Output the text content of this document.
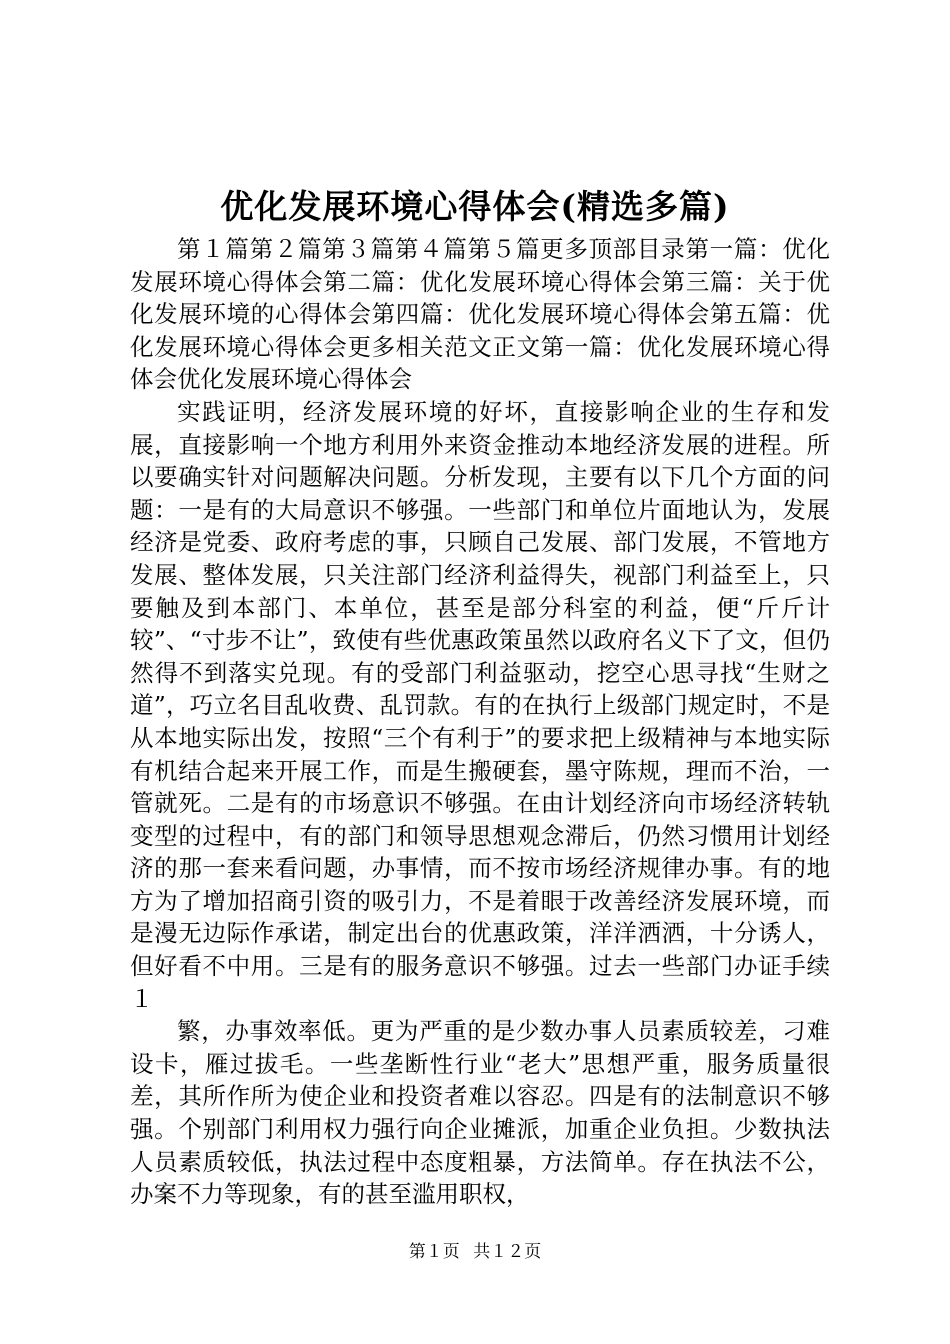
优化发展环境心得体会(精选多篇)

第１篇第２篇第３篇第４篇第５篇更多顶部目录第一篇：优化发展环境心得体会第二篇：优化发展环境心得体会第三篇：关于优化发展环境的心得体会第四篇：优化发展环境心得体会第五篇：优化发展环境心得体会更多相关范文正文第一篇：优化发展环境心得体会优化发展环境心得体会

实践证明，经济发展环境的好坏，直接影响企业的生存和发展，直接影响一个地方利用外来资金推动本地经济发展的进程。所以要确实针对问题解决问题。分析发现，主要有以下几个方面的问题：一是有的大局意识不够强。一些部门和单位片面地认为，发展经济是党委、政府考虑的事，只顾自己发展、部门发展，不管地方发展、整体发展，只关注部门经济利益得失，视部门利益至上，只要触及到本部门、本单位，甚至是部分科室的利益，便“斤斤计较”、“寸步不让”，致使有些优惠政策虽然以政府名义下了文，但仍然得不到落实兑现。有的受部门利益驱动，挖空心思寻找“生财之道”，巧立名目乱收费、乱罚款。有的在执行上级部门规定时，不是从本地实际出发，按照“三个有利于”的要求把上级精神与本地实际有机结合起来开展工作，而是生搬硬套，墨守陈规，理而不治，一管就死。二是有的市场意识不够强。在由计划经济向市场经济转轨变型的过程中，有的部门和领导思想观念滞后，仍然习惯用计划经济的那一套来看问题，办事情，而不按市场经济规律办事。有的地方为了增加招商引资的吸引力，不是着眼于改善经济发展环境，而是漫无边际作承诺，制定出台的优惠政策，洋洋洒洒，十分诱人，但好看不中用。三是有的服务意识不够强。过去一些部门办证手续１

繁，办事效率低。更为严重的是少数办事人员素质较差，刁难设卡，雁过拔毛。一些垄断性行业“老大”思想严重，服务质量很差，其所作所为使企业和投资者难以容忍。四是有的法制意识不够强。个别部门利用权力强行向企业摊派，加重企业负担。少数执法人员素质较低，执法过程中态度粗暴，方法简单。存在执法不公，办案不力等现象，有的甚至滥用职权，

第１页 共１２页
